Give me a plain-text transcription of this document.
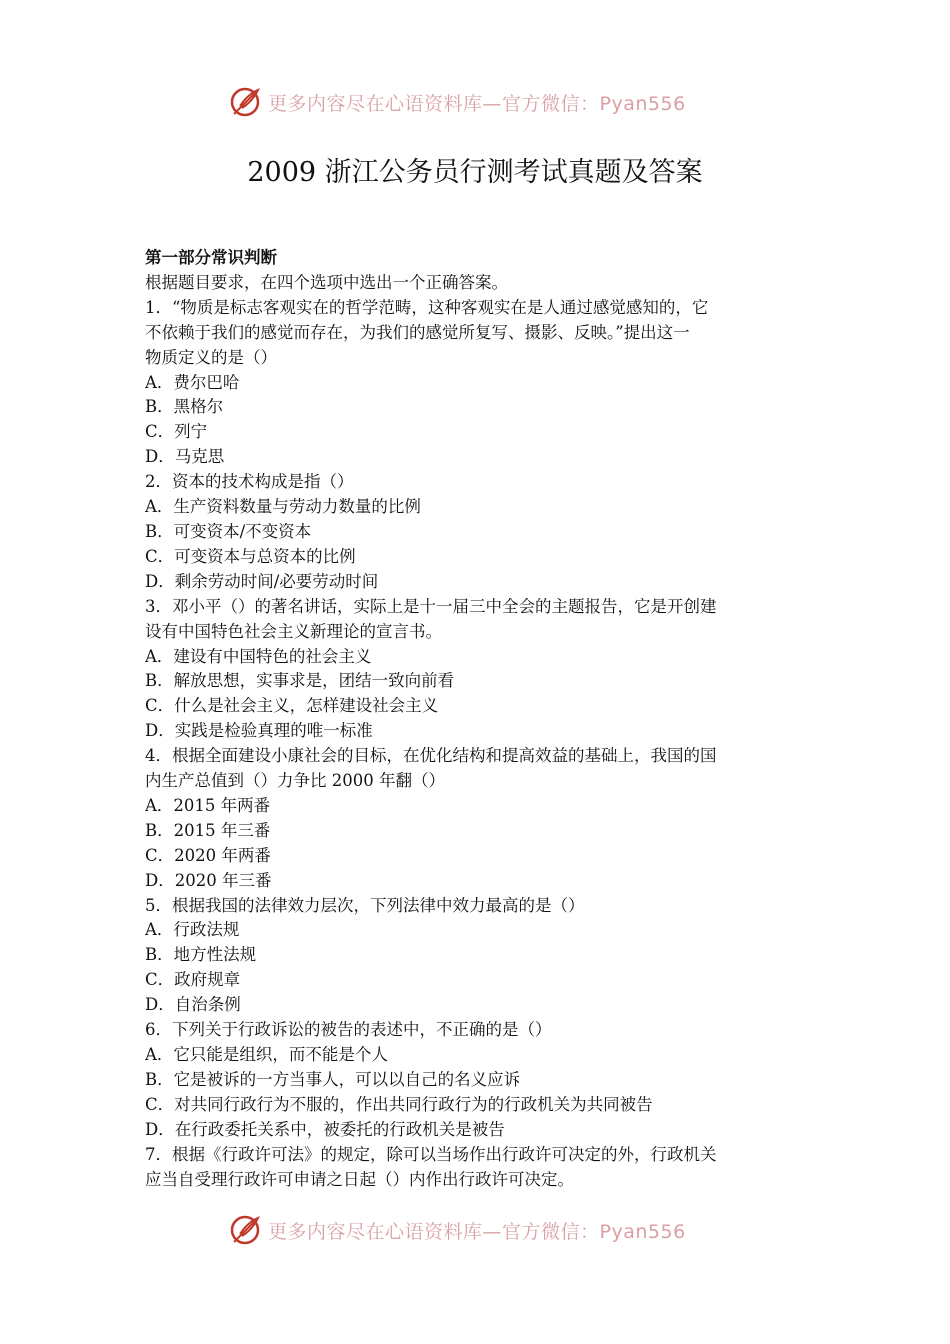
更多内容尽在心语资料库—官方微信：Pyan556
2009 浙江公务员行测考试真题及答案
第一部分常识判断
根据题目要求，在四个选项中选出一个正确答案。
1．“物质是标志客观实在的哲学范畴，这种客观实在是人通过感觉感知的，它
不依赖于我们的感觉而存在，为我们的感觉所复写、摄影、反映。”提出这一
物质定义的是（）
A．费尔巴哈
B．黑格尔
C．列宁
D．马克思
2．资本的技术构成是指（）
A．生产资料数量与劳动力数量的比例
B．可变资本/不变资本
C．可变资本与总资本的比例
D．剩余劳动时间/必要劳动时间
3．邓小平（）的著名讲话，实际上是十一届三中全会的主题报告，它是开创建
设有中国特色社会主义新理论的宣言书。
A．建设有中国特色的社会主义
B．解放思想，实事求是，团结一致向前看
C．什么是社会主义，怎样建设社会主义
D．实践是检验真理的唯一标准
4．根据全面建设小康社会的目标，在优化结构和提高效益的基础上，我国的国
内生产总值到（）力争比 2000 年翻（）
A．2015 年两番
B．2015 年三番
C．2020 年两番
D．2020 年三番
5．根据我国的法律效力层次，下列法律中效力最高的是（）
A．行政法规
B．地方性法规
C．政府规章
D．自治条例
6．下列关于行政诉讼的被告的表述中，不正确的是（）
A．它只能是组织，而不能是个人
B．它是被诉的一方当事人，可以以自己的名义应诉
C．对共同行政行为不服的，作出共同行政行为的行政机关为共同被告
D．在行政委托关系中，被委托的行政机关是被告
7．根据《行政许可法》的规定，除可以当场作出行政许可决定的外，行政机关
应当自受理行政许可申请之日起（）内作出行政许可决定。
更多内容尽在心语资料库—官方微信：Pyan556
